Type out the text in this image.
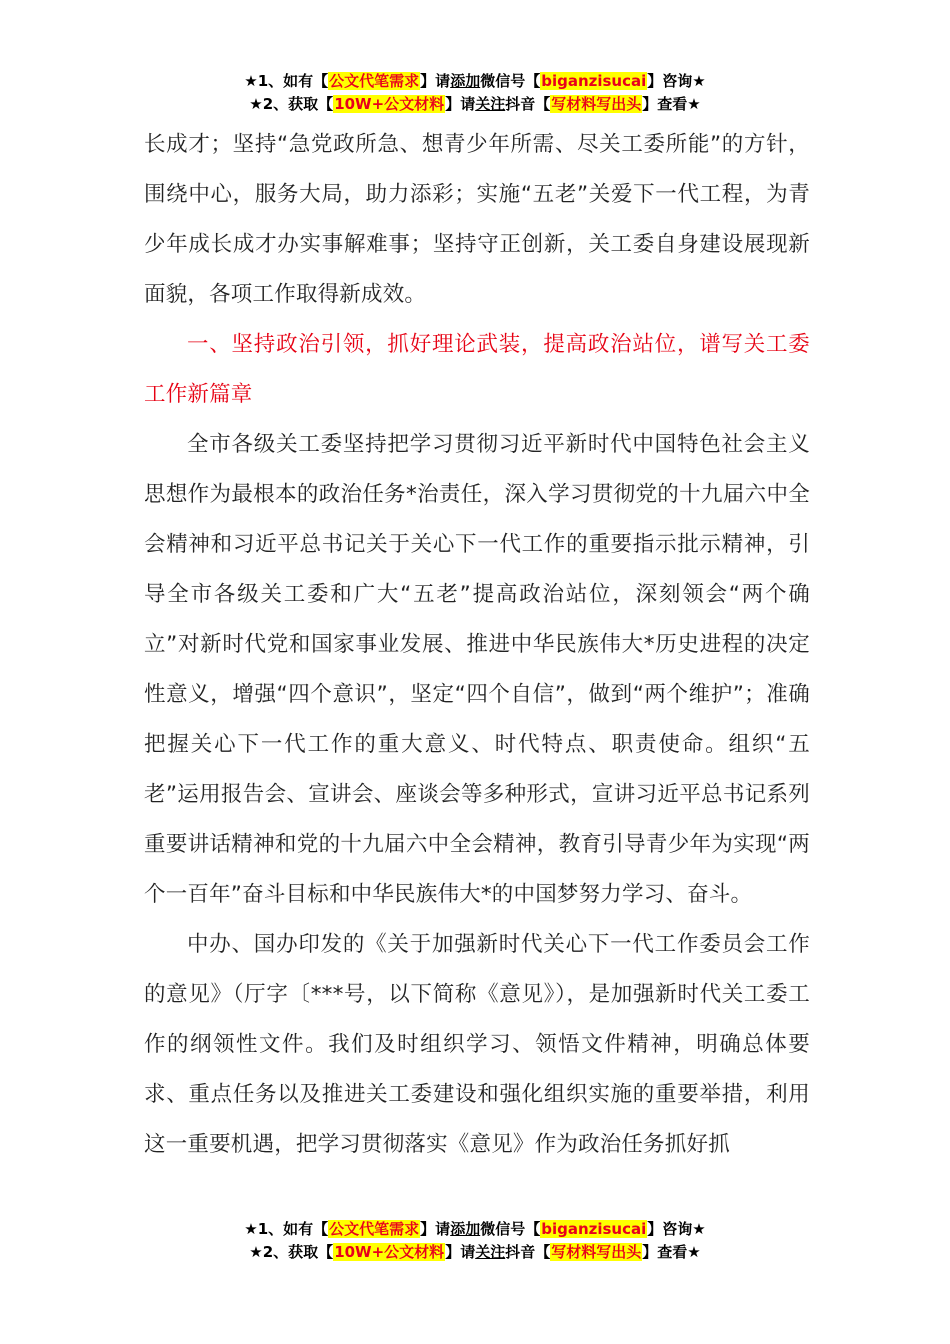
★1、如有【公文代笔需求】请添加微信号【biganzisucai】咨询★
★2、获取【10W+公文材料】请关注抖音【写材料写出头】查看★

长成才；坚持“急党政所急、想青少年所需、尽关工委所能”的方针，围绕中心，服务大局，助力添彩；实施“五老”关爱下一代工程，为青少年成长成才办实事解难事；坚持守正创新，关工委自身建设展现新面貌，各项工作取得新成效。

一、坚持政治引领，抓好理论武装，提高政治站位，谱写关工委工作新篇章

全市各级关工委坚持把学习贯彻习近平新时代中国特色社会主义思想作为最根本的政治任务*治责任，深入学习贯彻党的十九届六中全会精神和习近平总书记关于关心下一代工作的重要指示批示精神，引导全市各级关工委和广大“五老”提高政治站位，深刻领会“两个确立”对新时代党和国家事业发展、推进中华民族伟大*历史进程的决定性意义，增强“四个意识”，坚定“四个自信”，做到“两个维护”；准确把握关心下一代工作的重大意义、时代特点、职责使命。组织“五老”运用报告会、宣讲会、座谈会等多种形式，宣讲习近平总书记系列重要讲话精神和党的十九届六中全会精神，教育引导青少年为实现“两个一百年”奋斗目标和中华民族伟大*的中国梦努力学习、奋斗。

中办、国办印发的《关于加强新时代关心下一代工作委员会工作的意见》（厅字〔***号，以下简称《意见》），是加强新时代关工委工作的纲领性文件。我们及时组织学习、领悟文件精神，明确总体要求、重点任务以及推进关工委建设和强化组织实施的重要举措，利用这一重要机遇，把学习贯彻落实《意见》作为政治任务抓好抓

★1、如有【公文代笔需求】请添加微信号【biganzisucai】咨询★
★2、获取【10W+公文材料】请关注抖音【写材料写出头】查看★
